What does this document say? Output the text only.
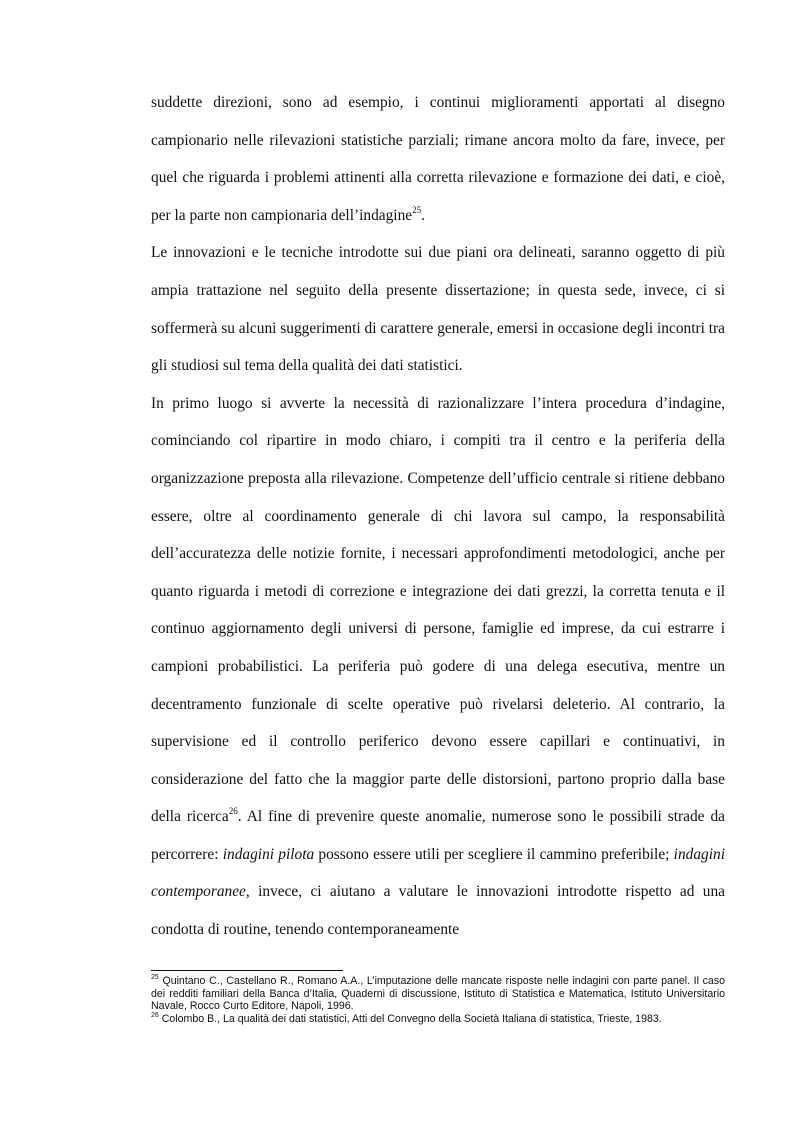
suddette direzioni, sono ad esempio, i continui miglioramenti apportati al disegno campionario nelle rilevazioni statistiche parziali; rimane ancora molto da fare, invece, per quel che riguarda i problemi attinenti alla corretta rilevazione e formazione dei dati, e cioè, per la parte non campionaria dell’indagine$^{25}$.

Le innovazioni e le tecniche introdotte sui due piani ora delineati, saranno oggetto di più ampia trattazione nel seguito della presente dissertazione; in questa sede, invece, ci si soffermerà su alcuni suggerimenti di carattere generale, emersi in occasione degli incontri tra gli studiosi sul tema della qualità dei dati statistici.

In primo luogo si avverte la necessità di razionalizzare l’intera procedura d’indagine, cominciando col ripartire in modo chiaro, i compiti tra il centro e la periferia della organizzazione preposta alla rilevazione. Competenze dell’ufficio centrale si ritiene debbano essere, oltre al coordinamento generale di chi lavora sul campo, la responsabilità dell’accuratezza delle notizie fornite, i necessari approfondimenti metodologici, anche per quanto riguarda i metodi di correzione e integrazione dei dati grezzi, la corretta tenuta e il continuo aggiornamento degli universi di persone, famiglie ed imprese, da cui estrarre i campioni probabilistici. La periferia può godere di una delega esecutiva, mentre un decentramento funzionale di scelte operative può rivelarsi deleterio. Al contrario, la supervisione ed il controllo periferico devono essere capillari e continuativi, in considerazione del fatto che la maggior parte delle distorsioni, partono proprio dalla base della ricerca$^{26}$. Al fine di prevenire queste anomalie, numerose sono le possibili strade da percorrere: indagini pilota possono essere utili per scegliere il cammino preferibile; indagini contemporanee, invece, ci aiutano a valutare le innovazioni introdotte rispetto ad una condotta di routine, tenendo contemporaneamente

$^{25}$ Quintano C., Castellano R., Romano A.A., L’imputazione delle mancate risposte nelle indagini con parte panel. Il caso dei redditi familiari della Banca d’Italia, Quaderni di discussione, Istituto di Statistica e Matematica, Istituto Universitario Navale, Rocco Curto Editore, Napoli, 1996.

$^{26}$ Colombo B., La qualità dei dati statistici, Atti del Convegno della Società Italiana di statistica, Trieste, 1983.
